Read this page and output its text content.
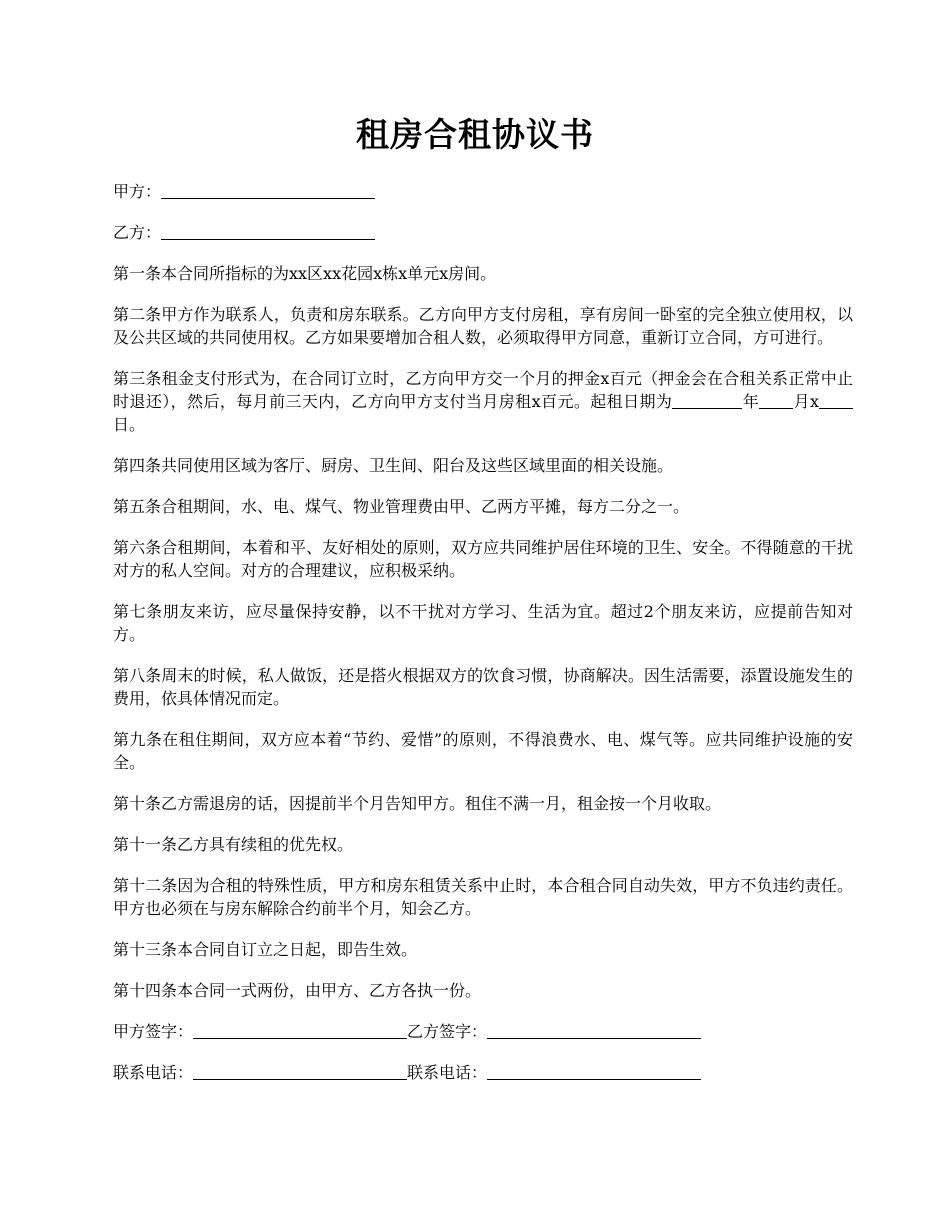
租房合租协议书

甲方：

乙方：

第一条本合同所指标的为xx区xx花园x栋x单元x房间。

第二条甲方作为联系人，负责和房东联系。乙方向甲方支付房租，享有房间一卧室的完全独立使用权，以及公共区域的共同使用权。乙方如果要增加合租人数，必须取得甲方同意，重新订立合同，方可进行。

第三条租金支付形式为，在合同订立时，乙方向甲方交一个月的押金x百元（押金会在合租关系正常中止时退还），然后，每月前三天内，乙方向甲方支付当月房租x百元。起租日期为	年 月x日。

第四条共同使用区域为客厅、厨房、卫生间、阳台及这些区域里面的相关设施。

第五条合租期间，水、电、煤气、物业管理费由甲、乙两方平摊，每方二分之一。

第六条合租期间，本着和平、友好相处的原则，双方应共同维护居住环境的卫生、安全。不得随意的干扰对方的私人空间。对方的合理建议，应积极采纳。

第七条朋友来访，应尽量保持安静，以不干扰对方学习、生活为宜。超过2个朋友来访，应提前告知对方。

第八条周末的时候，私人做饭，还是搭火根据双方的饮食习惯，协商解决。因生活需要，添置设施发生的费用，依具体情况而定。

第九条在租住期间，双方应本着“节约、爱惜”的原则，不得浪费水、电、煤气等。应共同维护设施的安全。

第十条乙方需退房的话，因提前半个月告知甲方。租住不满一月，租金按一个月收取。

第十一条乙方具有续租的优先权。

第十二条因为合租的特殊性质，甲方和房东租赁关系中止时，本合租合同自动失效，甲方不负违约责任。甲方也必须在与房东解除合约前半个月，知会乙方。

第十三条本合同自订立之日起，即告生效。

第十四条本合同一式两份，由甲方、乙方各执一份。

甲方签字：	乙方签字：
联系电话：	联系电话：
